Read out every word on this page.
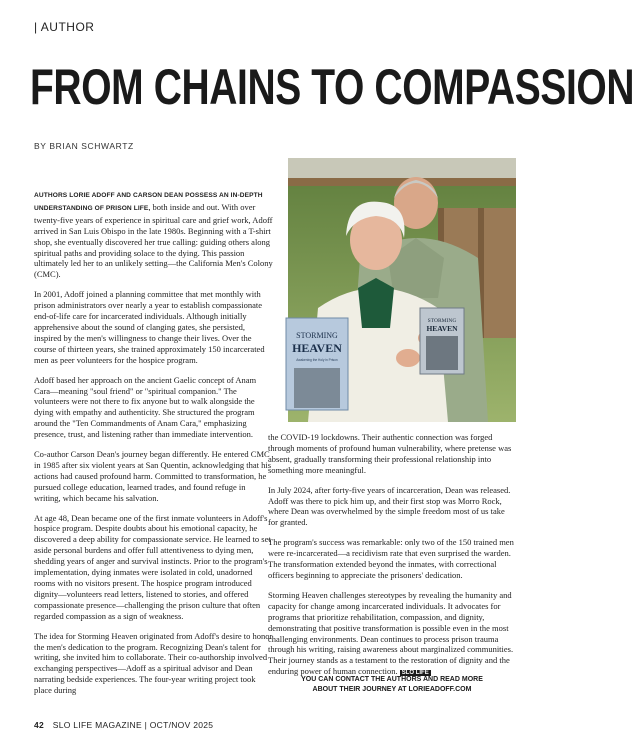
| AUTHOR
FROM CHAINS TO COMPASSION
BY BRIAN SCHWARTZ

AUTHORS LORIE ADOFF AND CARSON DEAN POSSESS AN IN-DEPTH UNDERSTANDING OF PRISON LIFE, both inside and out. With over twenty-five years of experience in spiritual care and grief work, Adoff arrived in San Luis Obispo in the late 1980s. Beginning with a T-shirt shop, she eventually discovered her true calling: guiding others along spiritual paths and providing solace to the dying. This passion ultimately led her to an unlikely setting—the California Men's Colony (CMC).

In 2001, Adoff joined a planning committee that met monthly with prison administrators over nearly a year to establish compassionate end-of-life care for incarcerated individuals. Although initially apprehensive about the sound of clanging gates, she persisted, inspired by the men's willingness to change their lives. Over the course of thirteen years, she trained approximately 150 incarcerated men as peer volunteers for the hospice program.

Adoff based her approach on the ancient Gaelic concept of Anam Cara—meaning "soul friend" or "spiritual companion." The volunteers were not there to fix anyone but to walk alongside the dying with empathy and authenticity. She structured the program around the "Ten Commandments of Anam Cara," emphasizing presence, trust, and listening rather than immediate intervention.

Co-author Carson Dean's journey began differently. He entered CMC in 1985 after six violent years at San Quentin, acknowledging that his actions had caused profound harm. Committed to transformation, he pursued college education, learned trades, and found refuge in writing, which became his salvation.

At age 48, Dean became one of the first inmate volunteers in Adoff's hospice program. Despite doubts about his emotional capacity, he discovered a deep ability for compassionate service. He learned to set aside personal burdens and offer full attentiveness to dying men, shedding years of anger and survival instincts. Prior to the program's implementation, dying inmates were isolated in cold, unadorned rooms with no visitors present. The hospice program introduced dignity—volunteers read letters, listened to stories, and offered compassionate presence—challenging the prison culture that often regarded compassion as a sign of weakness.

The idea for Storming Heaven originated from Adoff's desire to honor the men's dedication to the program. Recognizing Dean's talent for writing, she invited him to collaborate. Their co-authorship involved exchanging perspectives—Adoff as a spiritual advisor and Dean narrating bedside experiences. The four-year writing project took place during

STORMING
HEAVEN
Awakening the Holy in Prison
STORMING
HEAVEN

the COVID-19 lockdowns. Their authentic connection was forged through moments of profound human vulnerability, where pretense was absent, gradually transforming their professional relationship into something more meaningful.

In July 2024, after forty-five years of incarceration, Dean was released. Adoff was there to pick him up, and their first stop was Morro Rock, where Dean was overwhelmed by the simple freedom most of us take for granted.

The program's success was remarkable: only two of the 150 trained men were re-incarcerated—a recidivism rate that even surprised the warden. The transformation extended beyond the inmates, with correctional officers beginning to appreciate the prisoners' dedication.

Storming Heaven challenges stereotypes by revealing the humanity and capacity for change among incarcerated individuals. It advocates for programs that prioritize rehabilitation, compassion, and dignity, demonstrating that positive transformation is possible even in the most challenging environments. Dean continues to process prison trauma through his writing, raising awareness about marginalized communities. Their journey stands as a testament to the restoration of dignity and the enduring power of human connection. SLO LIFE

YOU CAN CONTACT THE AUTHORS AND READ MORE
ABOUT THEIR JOURNEY AT LORIEADOFF.COM
42 SLO LIFE MAGAZINE | OCT/NOV 2025
